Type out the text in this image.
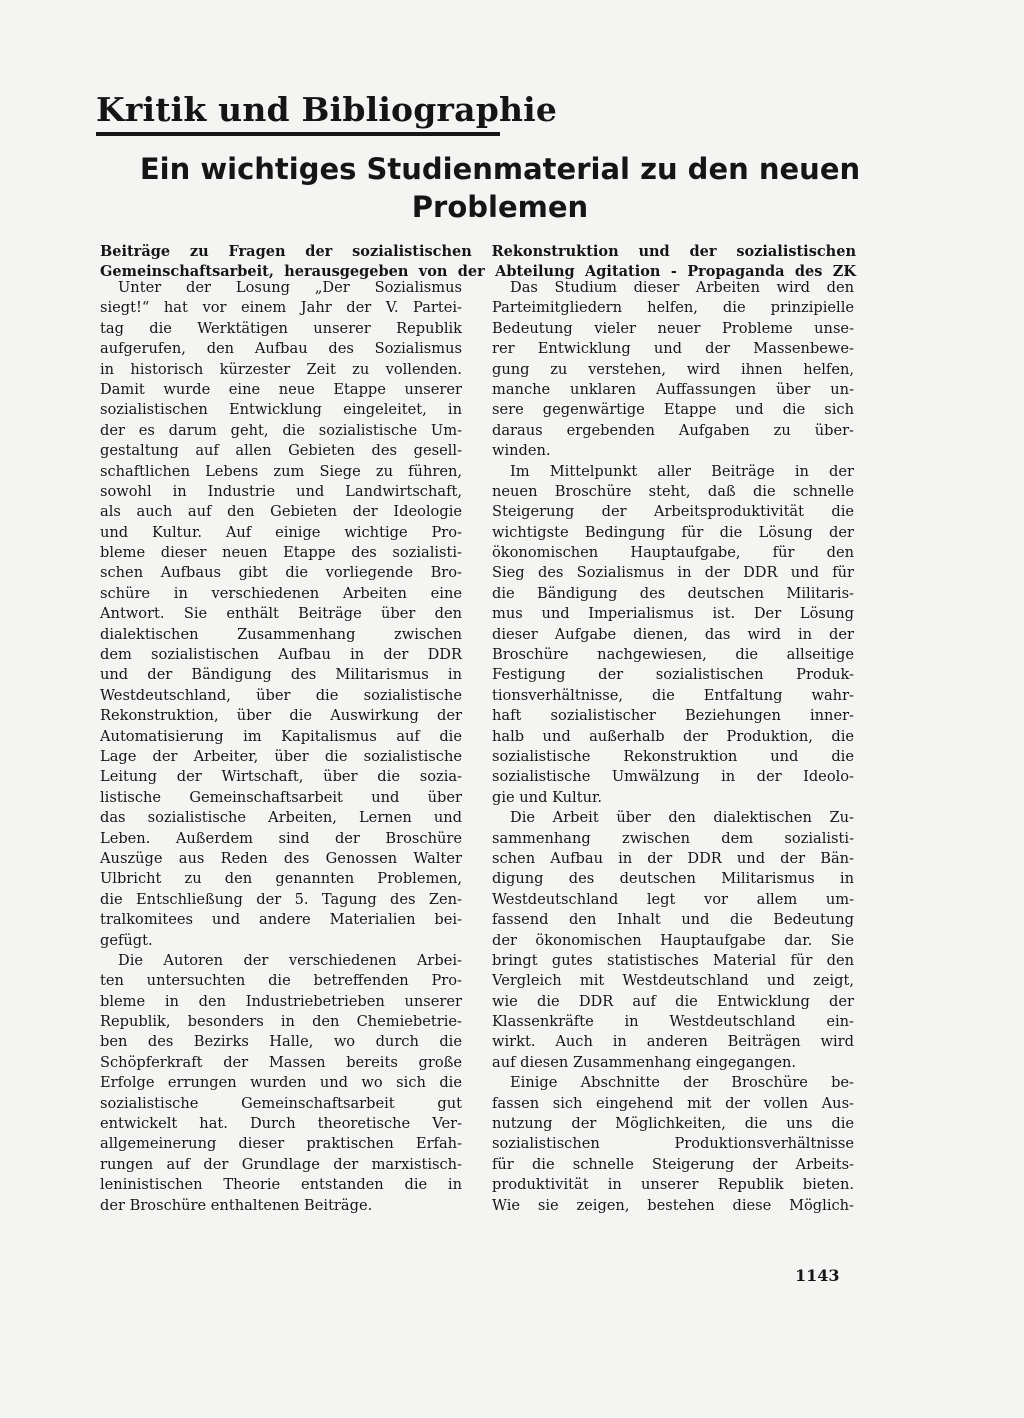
Kritik und Bibliographie
Ein wichtiges Studienmaterial zu den neuen Problemen
Beiträge zu Fragen der sozialistischen Rekonstruktion und der sozialistischen
Gemeinschaftsarbeit, herausgegeben von der Abteilung Agitation - Propaganda des ZK
Unter der Losung „Der Sozialismus
siegt!“ hat vor einem Jahr der V. Partei-
tag die Werktätigen unserer Republik
aufgerufen, den Aufbau des Sozialismus
in historisch kürzester Zeit zu vollenden.
Damit wurde eine neue Etappe unserer
sozialistischen Entwicklung eingeleitet, in
der es darum geht, die sozialistische Um-
gestaltung auf allen Gebieten des gesell-
schaftlichen Lebens zum Siege zu führen,
sowohl in Industrie und Landwirtschaft,
als auch auf den Gebieten der Ideologie
und Kultur. Auf einige wichtige Pro-
bleme dieser neuen Etappe des sozialisti-
schen Aufbaus gibt die vorliegende Bro-
schüre in verschiedenen Arbeiten eine
Antwort. Sie enthält Beiträge über den
dialektischen Zusammenhang zwischen
dem sozialistischen Aufbau in der DDR
und der Bändigung des Militarismus in
Westdeutschland, über die sozialistische
Rekonstruktion, über die Auswirkung der
Automatisierung im Kapitalismus auf die
Lage der Arbeiter, über die sozialistische
Leitung der Wirtschaft, über die sozia-
listische Gemeinschaftsarbeit und über
das sozialistische Arbeiten, Lernen und
Leben. Außerdem sind der Broschüre
Auszüge aus Reden des Genossen Walter
Ulbricht zu den genannten Problemen,
die Entschließung der 5. Tagung des Zen-
tralkomitees und andere Materialien bei-
gefügt.
Die Autoren der verschiedenen Arbei-
ten untersuchten die betreffenden Pro-
bleme in den Industriebetrieben unserer
Republik, besonders in den Chemiebetrie-
ben des Bezirks Halle, wo durch die
Schöpferkraft der Massen bereits große
Erfolge errungen wurden und wo sich die
sozialistische Gemeinschaftsarbeit gut
entwickelt hat. Durch theoretische Ver-
allgemeinerung dieser praktischen Erfah-
rungen auf der Grundlage der marxistisch-
leninistischen Theorie entstanden die in
der Broschüre enthaltenen Beiträge.
Das Studium dieser Arbeiten wird den
Parteimitgliedern helfen, die prinzipielle
Bedeutung vieler neuer Probleme unse-
rer Entwicklung und der Massenbewe-
gung zu verstehen, wird ihnen helfen,
manche unklaren Auffassungen über un-
sere gegenwärtige Etappe und die sich
daraus ergebenden Aufgaben zu über-
winden.
Im Mittelpunkt aller Beiträge in der
neuen Broschüre steht, daß die schnelle
Steigerung der Arbeitsproduktivität die
wichtigste Bedingung für die Lösung der
ökonomischen Hauptaufgabe, für den
Sieg des Sozialismus in der DDR und für
die Bändigung des deutschen Militaris-
mus und Imperialismus ist. Der Lösung
dieser Aufgabe dienen, das wird in der
Broschüre nachgewiesen, die allseitige
Festigung der sozialistischen Produk-
tionsverhältnisse, die Entfaltung wahr-
haft sozialistischer Beziehungen inner-
halb und außerhalb der Produktion, die
sozialistische Rekonstruktion und die
sozialistische Umwälzung in der Ideolo-
gie und Kultur.
Die Arbeit über den dialektischen Zu-
sammenhang zwischen dem sozialisti-
schen Aufbau in der DDR und der Bän-
digung des deutschen Militarismus in
Westdeutschland legt vor allem um-
fassend den Inhalt und die Bedeutung
der ökonomischen Hauptaufgabe dar. Sie
bringt gutes statistisches Material für den
Vergleich mit Westdeutschland und zeigt,
wie die DDR auf die Entwicklung der
Klassenkräfte in Westdeutschland ein-
wirkt. Auch in anderen Beiträgen wird
auf diesen Zusammenhang eingegangen.
Einige Abschnitte der Broschüre be-
fassen sich eingehend mit der vollen Aus-
nutzung der Möglichkeiten, die uns die
sozialistischen Produktionsverhältnisse
für die schnelle Steigerung der Arbeits-
produktivität in unserer Republik bieten.
Wie sie zeigen, bestehen diese Möglich-
1143
